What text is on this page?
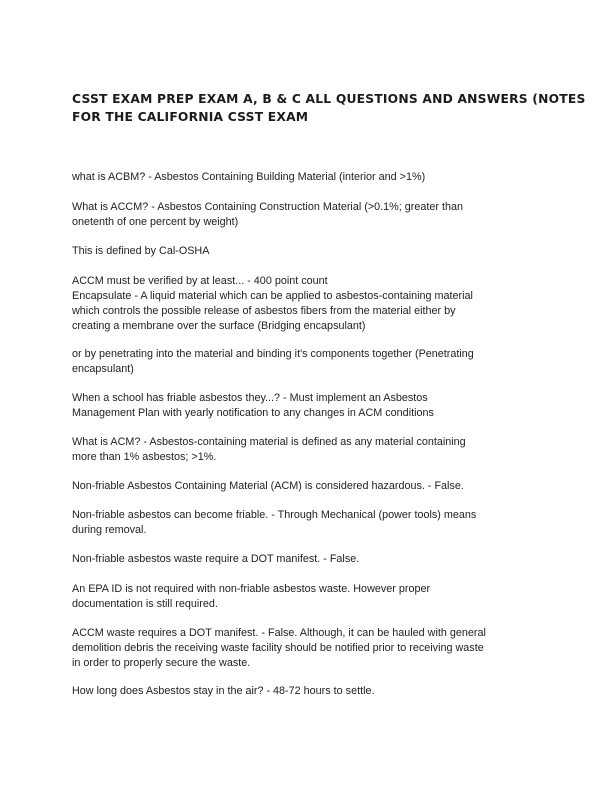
CSST EXAM PREP EXAM A, B & C ALL QUESTIONS AND ANSWERS (NOTES
FOR THE CALIFORNIA CSST EXAM
what is ACBM? - Asbestos Containing Building Material (interior and >1%)
What is ACCM? - Asbestos Containing Construction Material (>0.1%; greater than
onetenth of one percent by weight)
This is defined by Cal-OSHA
ACCM must be verified by at least... - 400 point count
Encapsulate - A liquid material which can be applied to asbestos-containing material
which controls the possible release of asbestos fibers from the material either by
creating a membrane over the surface (Bridging encapsulant)
or by penetrating into the material and binding it's components together (Penetrating
encapsulant)
When a school has friable asbestos they...? - Must implement an Asbestos
Management Plan with yearly notification to any changes in ACM conditions
What is ACM? - Asbestos-containing material is defined as any material containing
more than 1% asbestos; >1%.
Non-friable Asbestos Containing Material (ACM) is considered hazardous. - False.
Non-friable asbestos can become friable. - Through Mechanical (power tools) means
during removal.
Non-friable asbestos waste require a DOT manifest. - False.
An EPA ID is not required with non-friable asbestos waste. However proper
documentation is still required.
ACCM waste requires a DOT manifest. - False. Although, it can be hauled with general
demolition debris the receiving waste facility should be notified prior to receiving waste
in order to properly secure the waste.
How long does Asbestos stay in the air? - 48-72 hours to settle.
